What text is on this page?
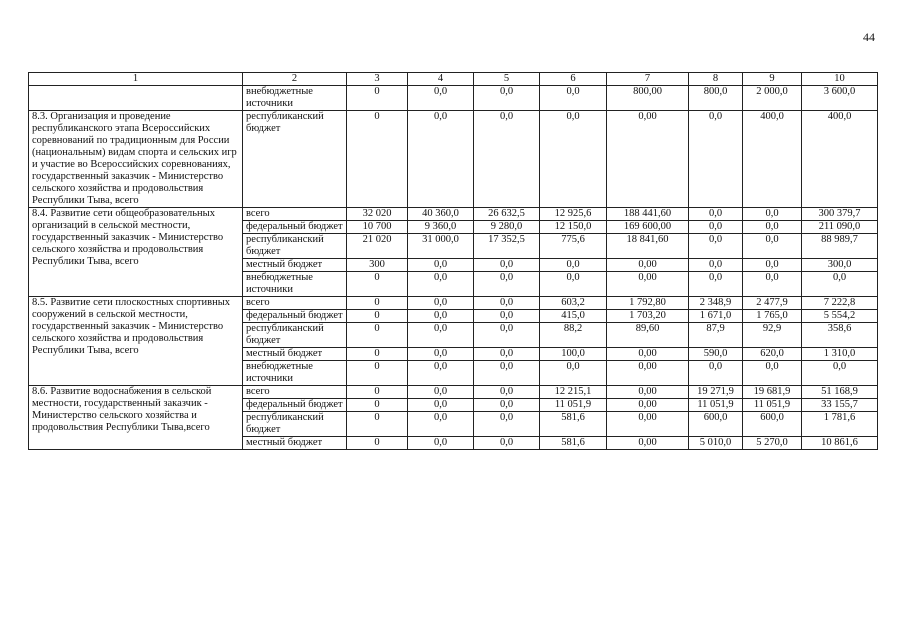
44
1	2	3	4	5	6	7	8	9	10
	внебюджетные источники	0	0,0	0,0	0,0	800,00	800,0	2 000,0	3 600,0
8.3. Организация и проведение республиканского этапа Всероссийских соревнований по традиционным для России (национальным) видам спорта и сельских игр и участие во Всероссийских соревнованиях, государственный заказчик - Министерство сельского хозяйства и продовольствия Республики Тыва, всего	республиканский бюджет	0	0,0	0,0	0,0	0,00	0,0	400,0	400,0
8.4. Развитие сети общеобразовательных организаций в сельской местности, государственный заказчик - Министерство сельского хозяйства и продовольствия Республики Тыва, всего	всего	32 020	40 360,0	26 632,5	12 925,6	188 441,60	0,0	0,0	300 379,7
	федеральный бюджет	10 700	9 360,0	9 280,0	12 150,0	169 600,00	0,0	0,0	211 090,0
	республиканский бюджет	21 020	31 000,0	17 352,5	775,6	18 841,60	0,0	0,0	88 989,7
	местный бюджет	300	0,0	0,0	0,0	0,00	0,0	0,0	300,0
	внебюджетные источники	0	0,0	0,0	0,0	0,00	0,0	0,0	0,0
8.5. Развитие сети плоскостных спортивных сооружений в сельской местности, государственный заказчик - Министерство сельского хозяйства и продовольствия Республики Тыва, всего	всего	0	0,0	0,0	603,2	1 792,80	2 348,9	2 477,9	7 222,8
	федеральный бюджет	0	0,0	0,0	415,0	1 703,20	1 671,0	1 765,0	5 554,2
	республиканский бюджет	0	0,0	0,0	88,2	89,60	87,9	92,9	358,6
	местный бюджет	0	0,0	0,0	100,0	0,00	590,0	620,0	1 310,0
	внебюджетные источники	0	0,0	0,0	0,0	0,00	0,0	0,0	0,0
8.6. Развитие водоснабжения в сельской местности, государственный заказчик - Министерство сельского хозяйства и продовольствия Республики Тыва,всего	всего	0	0,0	0,0	12 215,1	0,00	19 271,9	19 681,9	51 168,9
	федеральный бюджет	0	0,0	0,0	11 051,9	0,00	11 051,9	11 051,9	33 155,7
	республиканский бюджет	0	0,0	0,0	581,6	0,00	600,0	600,0	1 781,6
	местный бюджет	0	0,0	0,0	581,6	0,00	5 010,0	5 270,0	10 861,6
